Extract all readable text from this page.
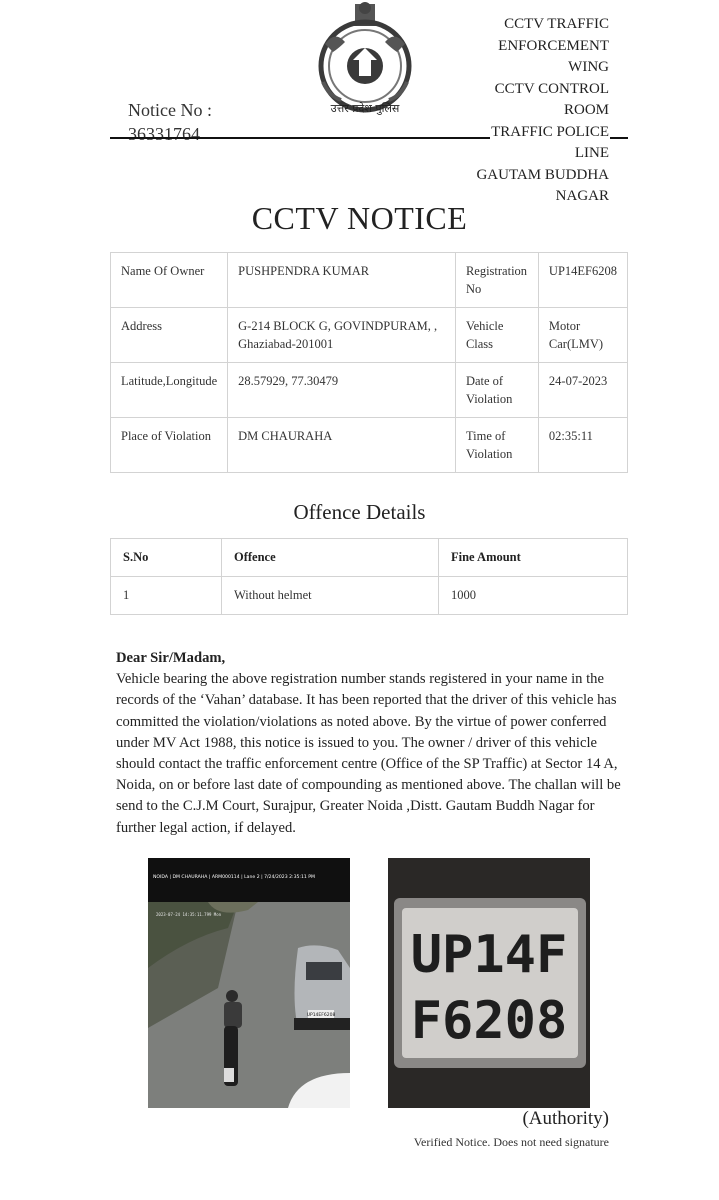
उत्तर प्रदेश पुलिस
Notice No :
36331764
CCTV TRAFFIC
ENFORCEMENT
WING
CCTV CONTROL
ROOM
TRAFFIC POLICE
LINE
GAUTAM BUDDHA
NAGAR
CCTV NOTICE
Name Of Owner	PUSHPENDRA KUMAR	Registration No	UP14EF6208
Address	G-214 BLOCK G, GOVINDPURAM, , Ghaziabad-201001	Vehicle Class	Motor Car(LMV)
Latitude,Longitude	28.57929, 77.30479	Date of Violation	24-07-2023
Place of Violation	DM CHAURAHA	Time of Violation	02:35:11
Offence Details
S.No	Offence	Fine Amount
1	Without helmet	1000
Dear Sir/Madam,
Vehicle bearing the above registration number stands registered in your name in the records of the ‘Vahan’ database. It has been reported that the driver of this vehicle has committed the violation/violations as noted above. By the virtue of power conferred under MV Act 1988, this notice is issued to you. The owner / driver of this vehicle should contact the traffic enforcement centre (Office of the SP Traffic) at Sector 14 A, Noida, on or before last date of compounding as mentioned above. The challan will be send to the C.J.M Court, Surajpur, Greater Noida ,Distt. Gautam Buddh Nagar for further legal action, if delayed.
NOIDA | DM CHAURAHA | ARM000114 | Lane 2 | 7/24/2023 2:35:11 PM
2023-07-24 14:35:11.799 Mon
UP14EF6208
UP14F
F6208
(Authority)
Verified Notice. Does not need signature
